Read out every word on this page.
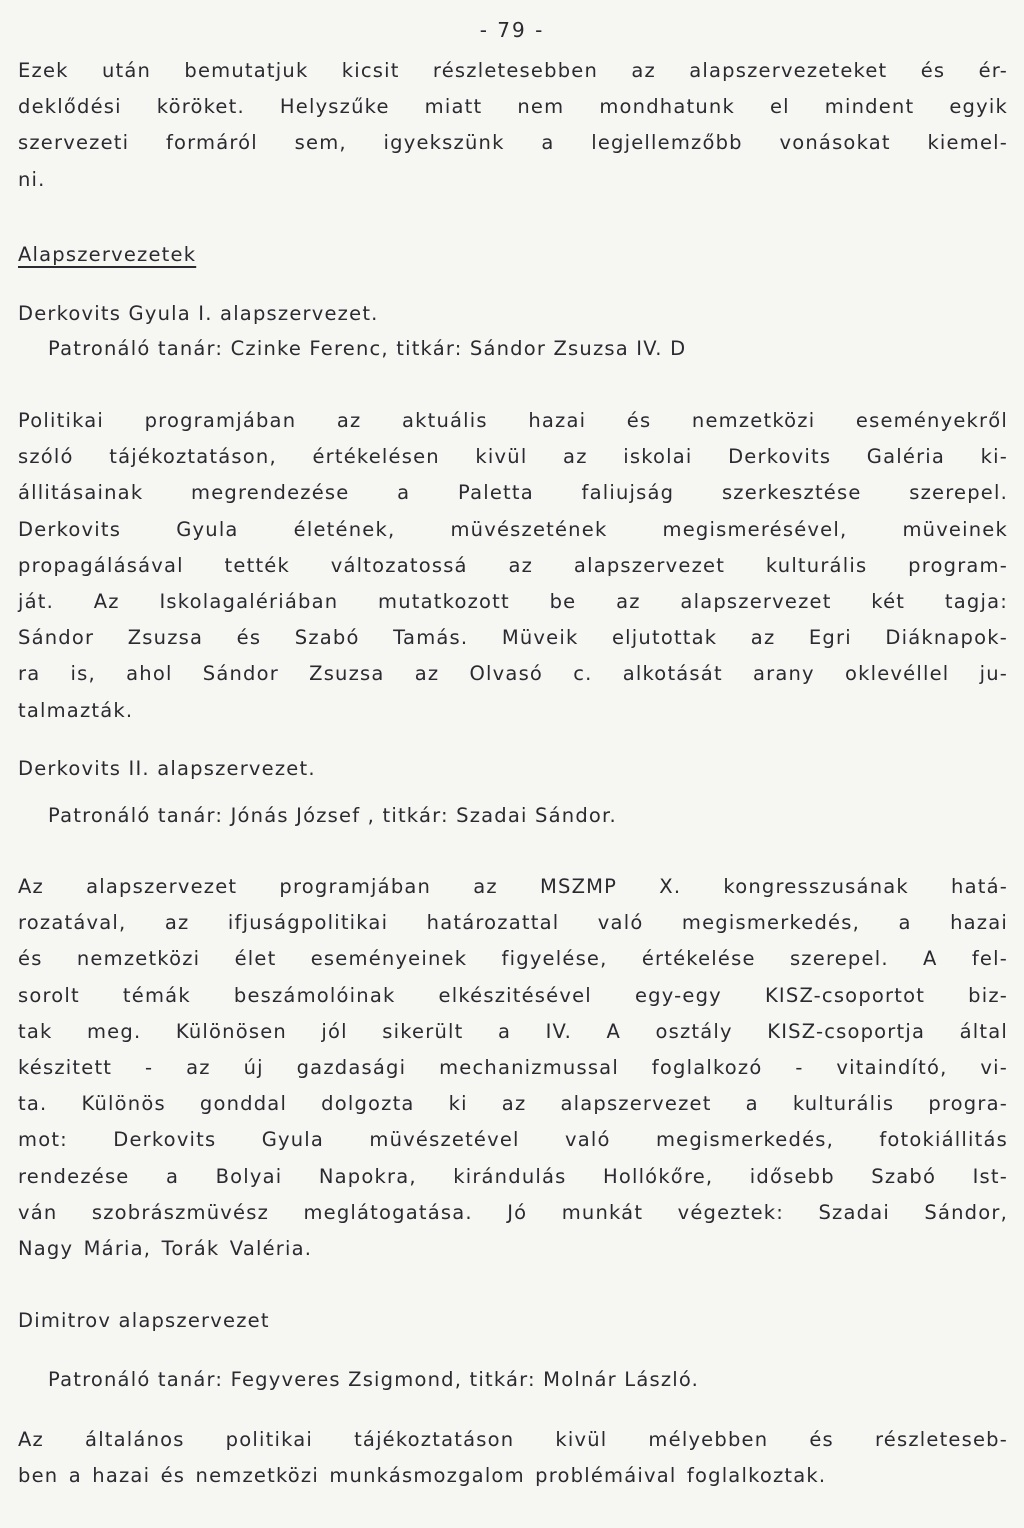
- 79 -
Ezek után bemutatjuk kicsit részletesebben az alapszervezeteket és ér-
deklődési köröket. Helyszűke miatt nem mondhatunk el mindent egyik
szervezeti formáról sem, igyekszünk a legjellemzőbb vonásokat kiemel-
ni.
Alapszervezetek
Derkovits Gyula I. alapszervezet.
Patronáló tanár: Czinke Ferenc, titkár: Sándor Zsuzsa IV. D
Politikai programjában az aktuális hazai és nemzetközi eseményekről
szóló tájékoztatáson, értékelésen kivül az iskolai Derkovits Galéria ki-
állitásainak megrendezése a Paletta faliujság szerkesztése szerepel.
Derkovits Gyula életének, müvészetének megismerésével, müveinek
propagálásával tették változatossá az alapszervezet kulturális program-
ját. Az Iskolagalériában mutatkozott be az alapszervezet két tagja:
Sándor Zsuzsa és Szabó Tamás. Müveik eljutottak az Egri Diáknapok-
ra is, ahol Sándor Zsuzsa az Olvasó c. alkotását arany oklevéllel ju-
talmazták.
Derkovits II. alapszervezet.
Patronáló tanár: Jónás József , titkár: Szadai Sándor.
Az alapszervezet programjában az MSZMP X. kongresszusának hatá-
rozatával, az ifjuságpolitikai határozattal való megismerkedés, a hazai
és nemzetközi élet eseményeinek figyelése, értékelése szerepel. A fel-
sorolt témák beszámolóinak elkészitésével egy-egy KISZ-csoportot biz-
tak meg. Különösen jól sikerült a IV. A osztály KISZ-csoportja által
készitett - az új gazdasági mechanizmussal foglalkozó - vitaindító, vi-
ta. Különös gonddal dolgozta ki az alapszervezet a kulturális progra-
mot: Derkovits Gyula müvészetével való megismerkedés, fotokiállitás
rendezése a Bolyai Napokra, kirándulás Hollókőre, idősebb Szabó Ist-
ván szobrászmüvész meglátogatása. Jó munkát végeztek: Szadai Sándor,
Nagy Mária, Torák Valéria.
Dimitrov alapszervezet
Patronáló tanár: Fegyveres Zsigmond, titkár: Molnár László.
Az általános politikai tájékoztatáson kivül mélyebben és részleteseb-
ben a hazai és nemzetközi munkásmozgalom problémáival foglalkoztak.
